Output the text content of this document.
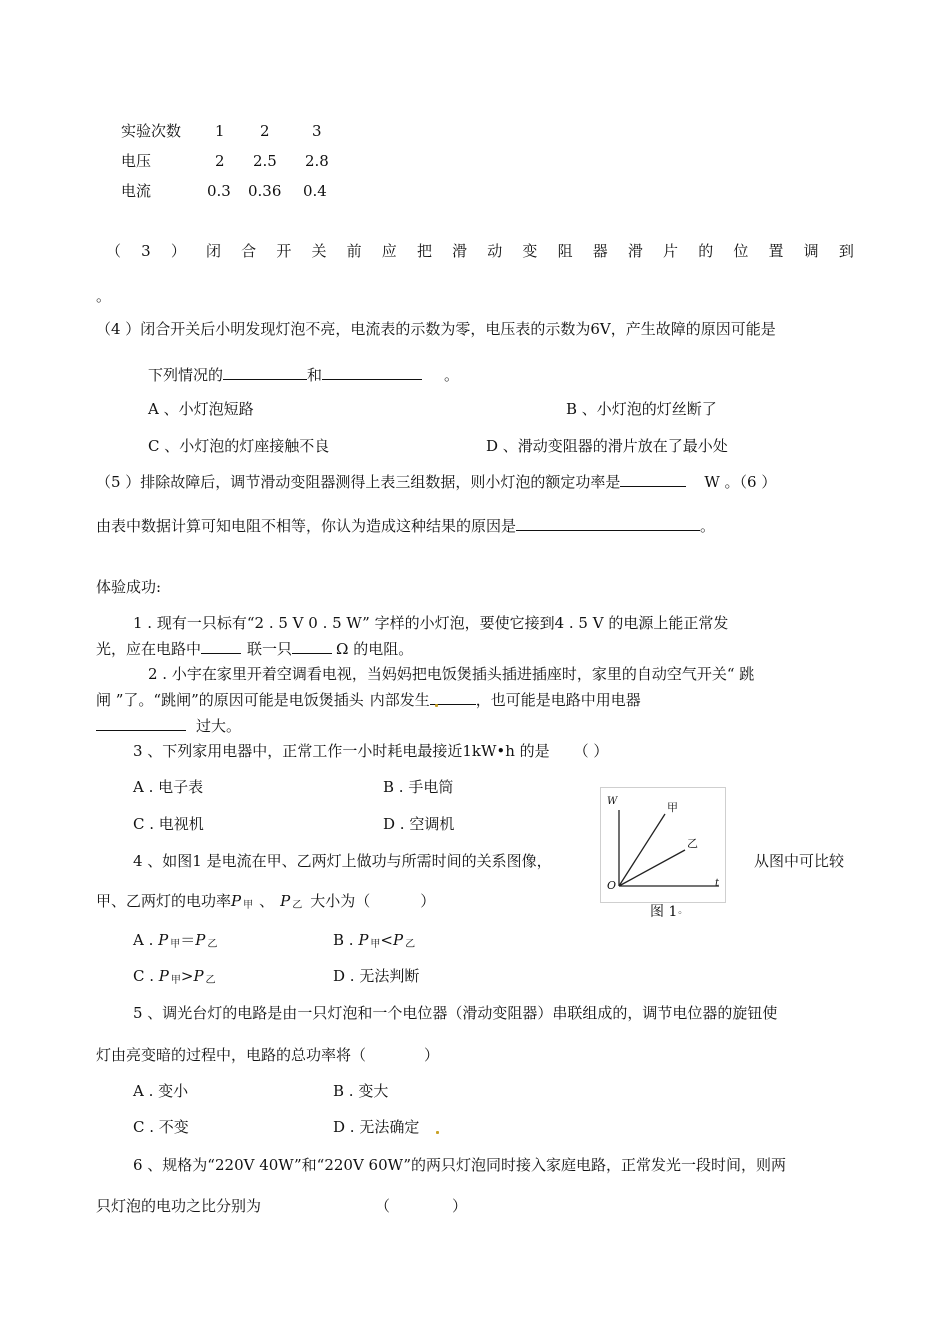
实验次数 1 2	3
电压	2 2.5 2.8
电流	0.3 0.36 0.4
（ 3 ） 闭 合 开 关 前 应 把 滑 动 变 阻 器 滑 片 的 位 置 调 到
。
（4 ）闭合开关后小明发现灯泡不亮，电流表的示数为零，电压表的示数为6V，产生故障的原因可能是
下列情况的	和	。
A 、小灯泡短路	B 、小灯泡的灯丝断了
C 、小灯泡的灯座接触不良	D 、滑动变阻器的滑片放在了最小处
（5 ）排除故障后，调节滑动变阻器测得上表三组数据，则小灯泡的额定功率是	W 。（6 ）
由表中数据计算可知电阻不相等，你认为造成这种结果的原因是	。
体验成功:
1 . 现有一只标有“2 . 5 V 0 . 5 W” 字样的小灯泡，要使它接到4 . 5 V 的电源上能正常发
光，应在电路中	联一只	Ω 的电阻。
2 . 小宇在家里开着空调看电视，当妈妈把电饭煲插头插进插座时，家里的自动空气开关“ 跳
闸 ”了。“跳闸”的原因可能是电饭煲插头 内部发生	，也可能是电路中用电器
过大。
3 、下列家用电器中，正常工作一小时耗电最接近1kW•h 的是 （ ）
A . 电子表	B . 手电筒
C . 电视机	D . 空调机
W
t
O
甲
乙
图 1◦
4 、如图1 是电流在甲、乙两灯上做功与所需时间的关系图像，	从图中可比较
甲、乙两灯的电功率P $_甲$ 、 P $_乙$ 大小为（	）
A . P $_甲$＝P $_乙$	B . P $_甲$<P $_乙$
C . P $_甲$>P $_乙$	D . 无法判断
5 、调光台灯的电路是由一只灯泡和一个电位器（滑动变阻器）串联组成的，调节电位器的旋钮使
灯由亮变暗的过程中，电路的总功率将（	）
A . 变小	B . 变大
C . 不变	D . 无法确定
6 、规格为“220V 40W”和“220V 60W”的两只灯泡同时接入家庭电路，正常发光一段时间，则两
只灯泡的电功之比分别为	（	）
